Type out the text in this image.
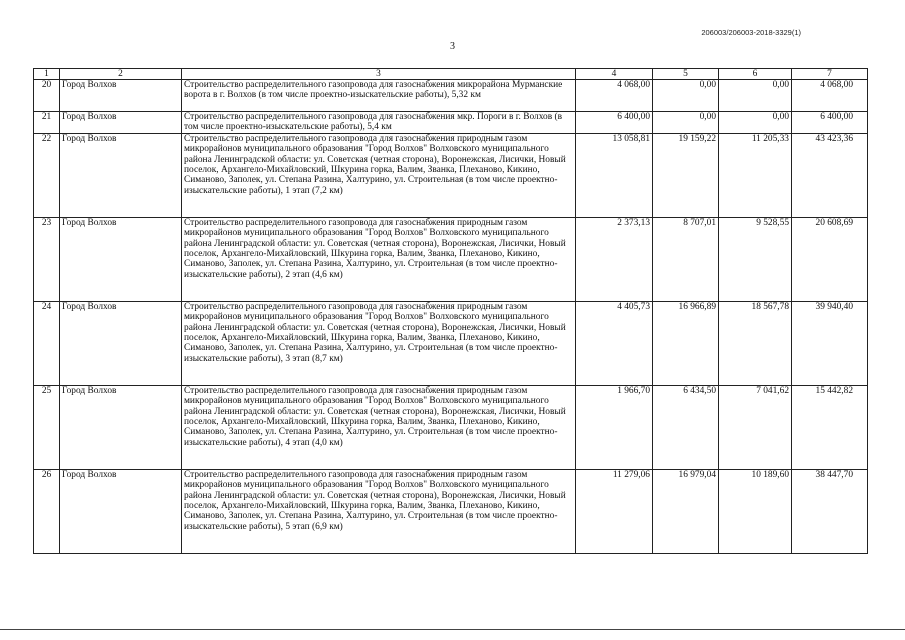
206003/206003-2018-3329(1)
3
1	2	3	4	5	6	7
20	Город Волхов	Строительство распределительного газопровода для газоснабжения микрорайона Мурманские ворота в г. Волхов (в том числе проектно-изыскательские работы), 5,32 км	4 068,00	0,00	0,00	4 068,00
21	Город Волхов	Строительство распределительного газопровода для газоснабжения мкр. Пороги в г. Волхов (в том числе проектно-изыскательские работы), 5,4 км	6 400,00	0,00	0,00	6 400,00
22	Город Волхов	Строительство распределительного газопровода для газоснабжения природным газом микрорайонов муниципального образования "Город Волхов" Волховского муниципального района Ленинградской области: ул. Советская (четная сторона), Воронежская, Лисички, Новый поселок, Архангело-Михайловский, Шкурина горка, Валим, Званка, Плеханово, Кикино, Симаново, Заполек, ул. Степана Разина, Халтурино, ул. Строительная (в том числе проектно-изыскательские работы), 1 этап (7,2 км)	13 058,81	19 159,22	11 205,33	43 423,36
23	Город Волхов	Строительство распределительного газопровода для газоснабжения природным газом микрорайонов муниципального образования "Город Волхов" Волховского муниципального района Ленинградской области: ул. Советская (четная сторона), Воронежская, Лисички, Новый поселок, Архангело-Михайловский, Шкурина горка, Валим, Званка, Плеханово, Кикино, Симаново, Заполек, ул. Степана Разина, Халтурино, ул. Строительная (в том числе проектно-изыскательские работы), 2 этап (4,6 км)	2 373,13	8 707,01	9 528,55	20 608,69
24	Город Волхов	Строительство распределительного газопровода для газоснабжения природным газом микрорайонов муниципального образования "Город Волхов" Волховского муниципального района Ленинградской области: ул. Советская (четная сторона), Воронежская, Лисички, Новый поселок, Архангело-Михайловский, Шкурина горка, Валим, Званка, Плеханово, Кикино, Симаново, Заполек, ул. Степана Разина, Халтурино, ул. Строительная (в том числе проектно-изыскательские работы), 3 этап (8,7 км)	4 405,73	16 966,89	18 567,78	39 940,40
25	Город Волхов	Строительство распределительного газопровода для газоснабжения природным газом микрорайонов муниципального образования "Город Волхов" Волховского муниципального района Ленинградской области: ул. Советская (четная сторона), Воронежская, Лисички, Новый поселок, Архангело-Михайловский, Шкурина горка, Валим, Званка, Плеханово, Кикино, Симаново, Заполек, ул. Степана Разина, Халтурино, ул. Строительная (в том числе проектно-изыскательские работы), 4 этап (4,0 км)	1 966,70	6 434,50	7 041,62	15 442,82
26	Город Волхов	Строительство распределительного газопровода для газоснабжения природным газом микрорайонов муниципального образования "Город Волхов" Волховского муниципального района Ленинградской области: ул. Советская (четная сторона), Воронежская, Лисички, Новый поселок, Архангело-Михайловский, Шкурина горка, Валим, Званка, Плеханово, Кикино, Симаново, Заполек, ул. Степана Разина, Халтурино, ул. Строительная (в том числе проектно-изыскательские работы), 5 этап (6,9 км)	11 279,06	16 979,04	10 189,60	38 447,70
